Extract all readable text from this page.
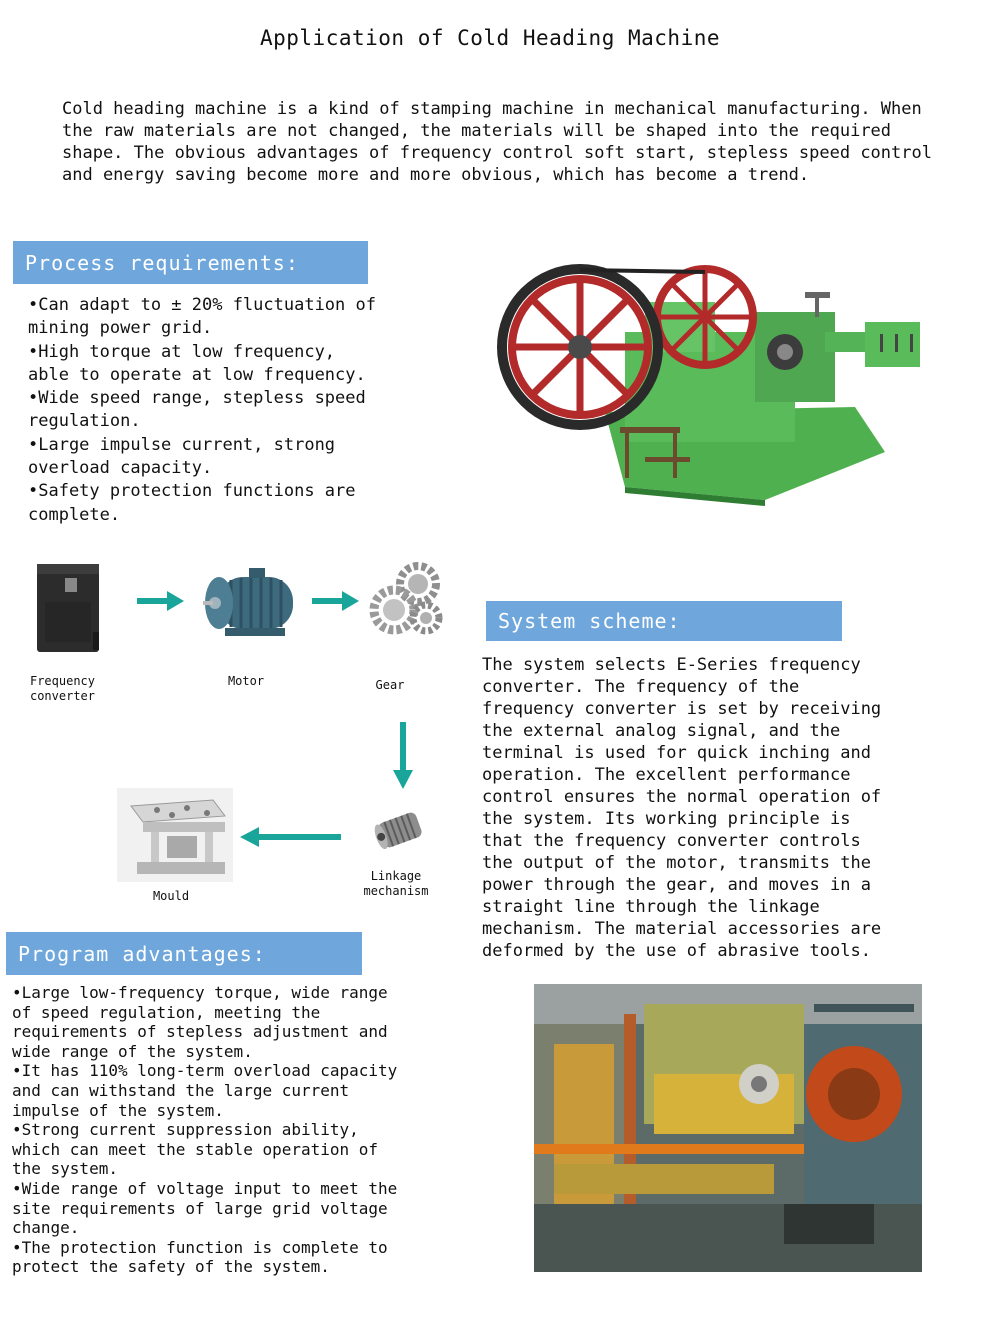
Application of Cold Heading Machine
Cold heading machine is a kind of stamping machine in mechanical manufacturing. When the raw materials are not changed, the materials will be shaped into the required shape. The obvious advantages of frequency control soft start, stepless speed control and energy saving become more and more obvious, which has become a trend.
Process requirements:
•Can adapt to ± 20% fluctuation of mining power grid.
•High torque at low frequency, able to operate at low frequency.
•Wide speed range, stepless speed regulation.
•Large impulse current, strong overload capacity.
•Safety protection functions are complete.
Frequency converter
Motor	Gear
Linkage mechanism
Mould
System scheme:
The system selects E-Series frequency converter. The frequency of the frequency converter is set by receiving the external analog signal, and the terminal is used for quick inching and operation. The excellent performance control ensures the normal operation of the system. Its working principle is that the frequency converter controls the output of the motor, transmits the power through the gear, and moves in a straight line through the linkage mechanism. The material accessories are deformed by the use of abrasive tools.
Program advantages:
•Large low-frequency torque, wide range of speed regulation, meeting the requirements of stepless adjustment and wide range of the system.
•It has 110% long-term overload capacity and can withstand the large current impulse of the system.
•Strong current suppression ability, which can meet the stable operation of the system.
•Wide range of voltage input to meet the site requirements of large grid voltage change.
•The protection function is complete to protect the safety of the system.
